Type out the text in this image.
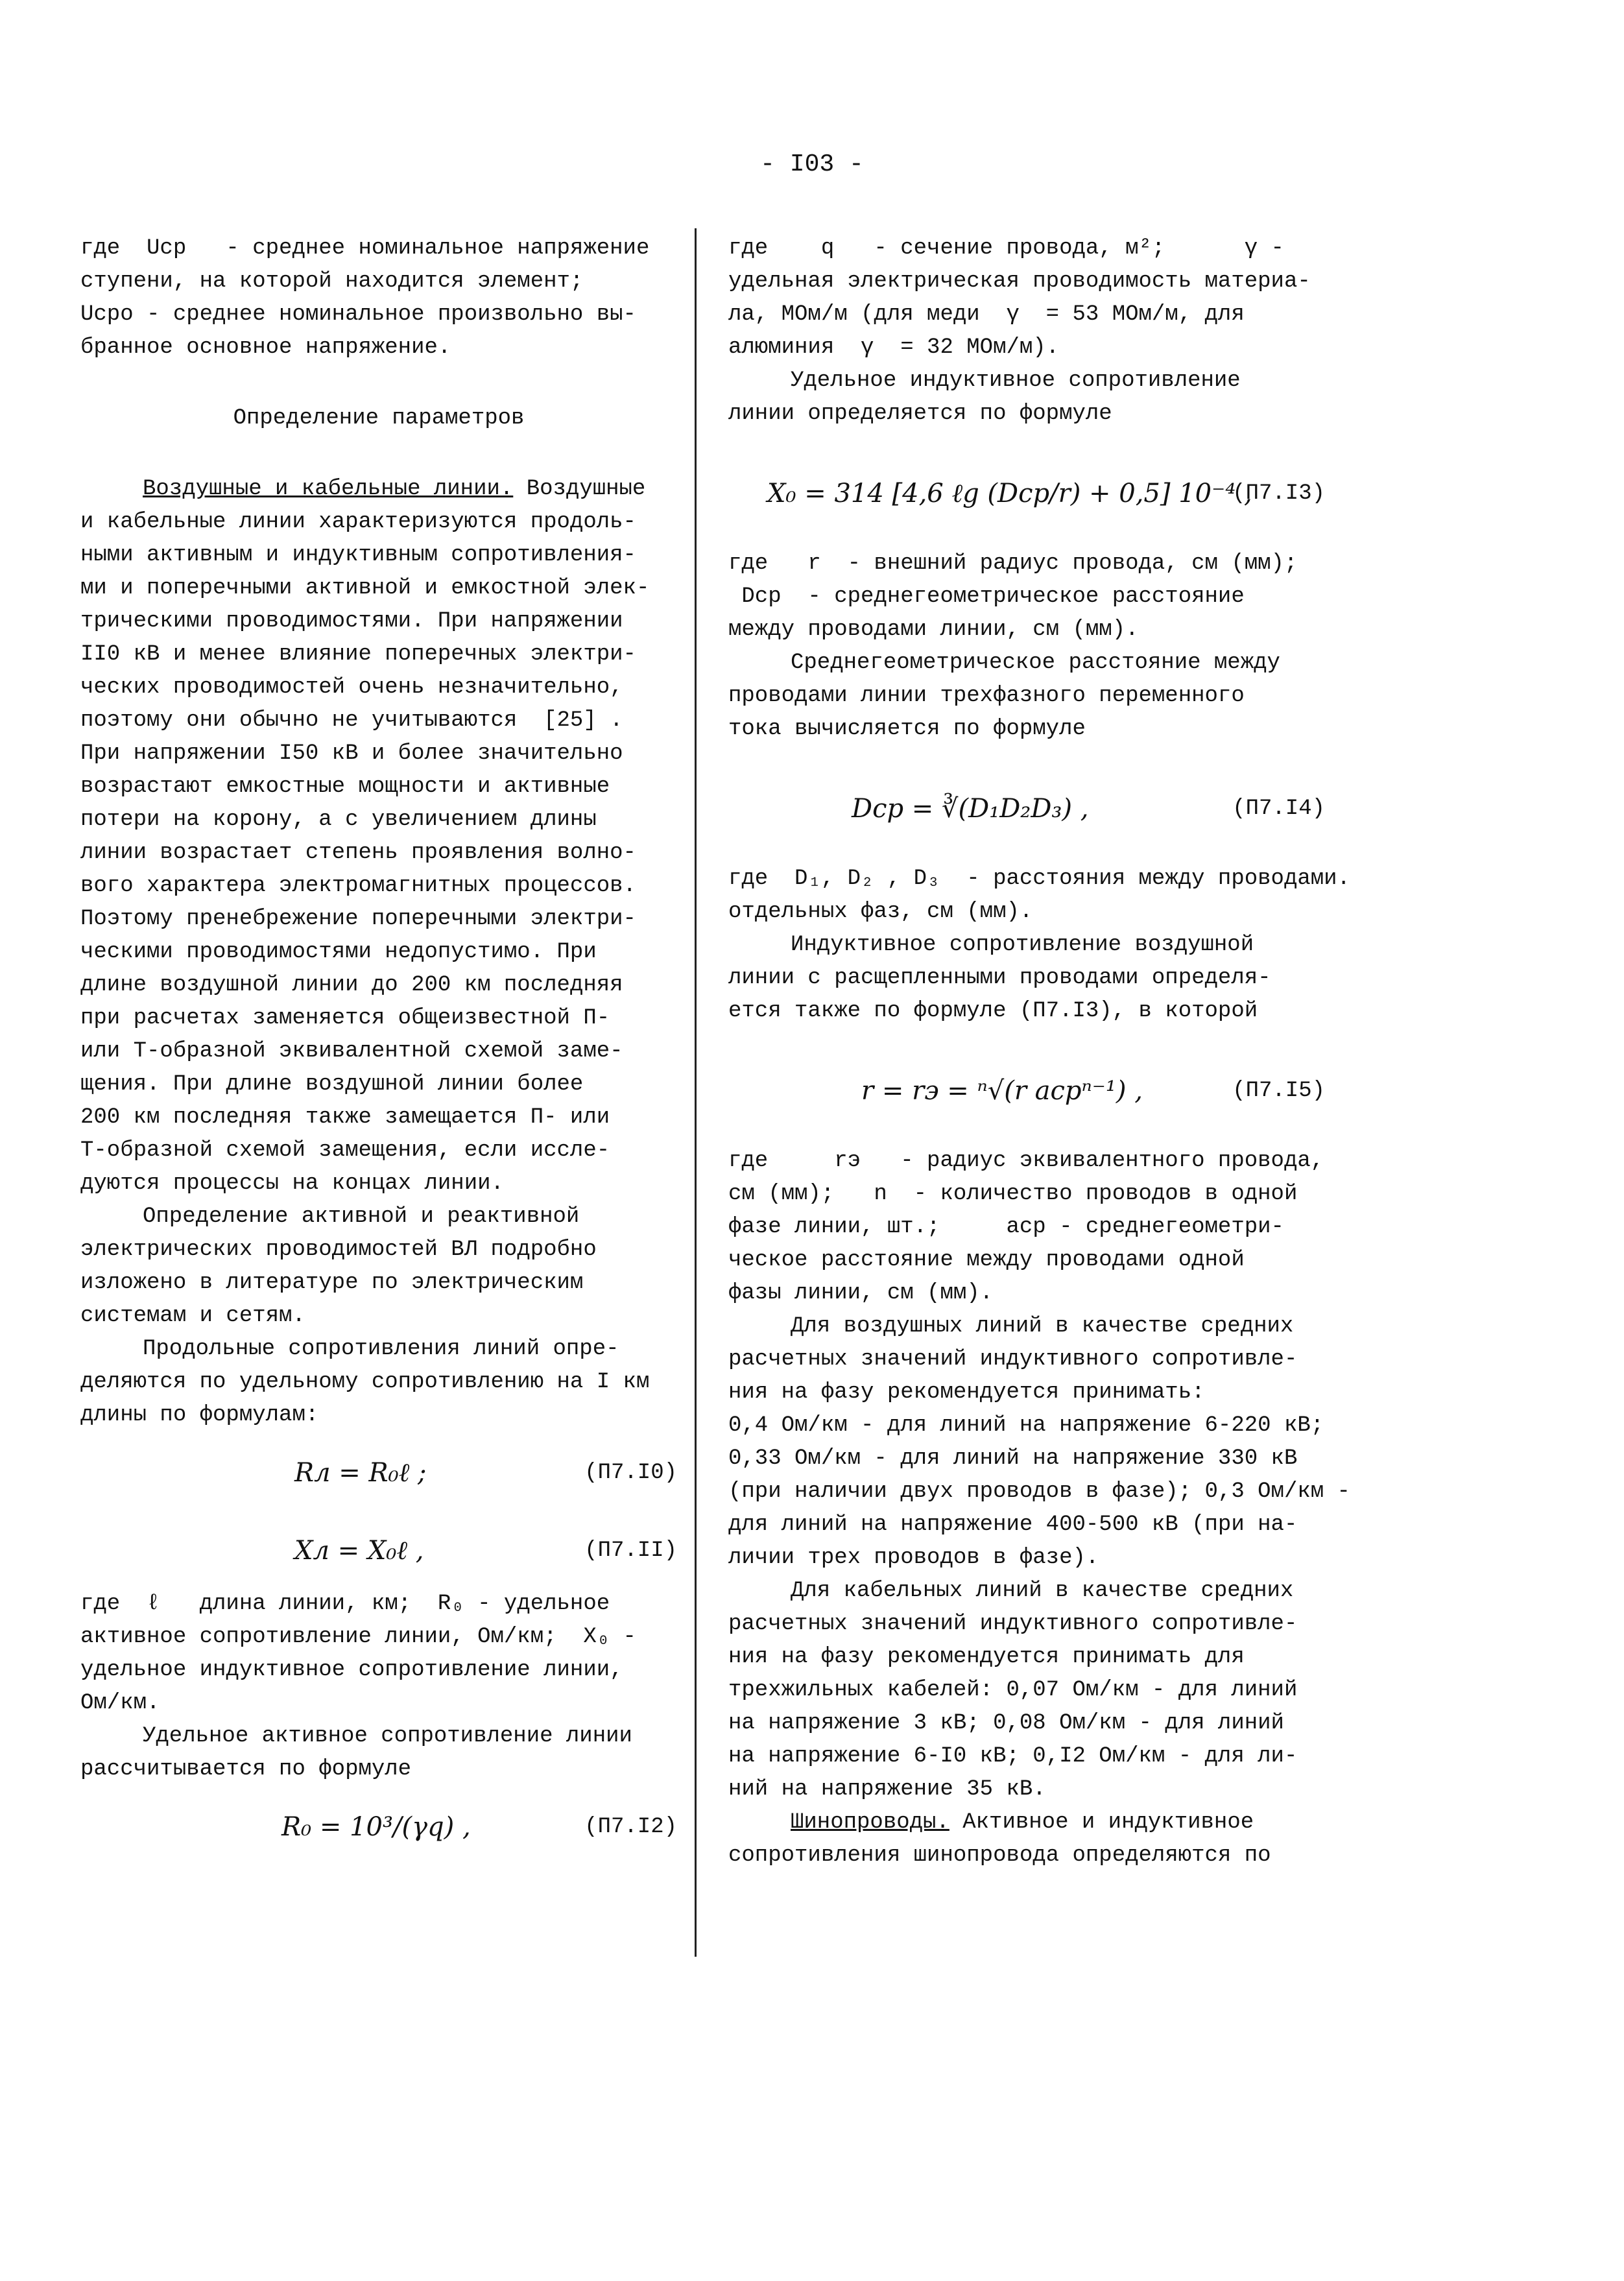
- I03 -

где  Uср   - среднее номинальное напряжение

ступени, на которой находится элемент;

Uсрo - среднее номинальное произвольно вы-

бранное основное напряжение.

Определение параметров

Воздушные и кабельные линии. Воздушные

и кабельные линии характеризуются продоль-

ными активным и индуктивным сопротивления-

ми и поперечными активной и емкостной элек-

трическими проводимостями. При напряжении

II0 кВ и менее влияние поперечных электри-

ческих проводимостей очень незначительно,

поэтому они обычно не учитываются  [25] .

При напряжении I50 кВ и более значительно

возрастают емкостные мощности и активные

потери на корону, а с увеличением длины

линии возрастает степень проявления волно-

вого характера электромагнитных процессов.

Поэтому пренебрежение поперечными электри-

ческими проводимостями недопустимо. При

длине воздушной линии до 200 км последняя

при расчетах заменяется общеизвестной П-

или Т-образной эквивалентной схемой заме-

щения. При длине воздушной линии более

200 км последняя также замещается П- или

Т-образной схемой замещения, если иссле-

дуются процессы на концах линии.

Определение активной и реактивной

электрических проводимостей ВЛ подробно

изложено в литературе по электрическим

системам и сетям.

Продольные сопротивления линий опре-

деляются по удельному сопротивлению на I км

длины по формулам:

Rл = R₀ℓ ;	(П7.I0)
Xл = X₀ℓ ,	(П7.II)

где  ℓ   длина линии, км;  R₀ - удельное

активное сопротивление линии, Ом/км;  X₀ -

удельное индуктивное сопротивление линии,

Ом/км.

Удельное активное сопротивление линии

рассчитывается по формуле

R₀ = 10³/(γq) ,	(П7.I2)

где    q   - сечение провода, м²;      γ -

удельная электрическая проводимость материа-

ла, МОм/м (для меди  γ  = 53 МОм/м, для

алюминия  γ  = 32 МОм/м).

Удельное индуктивное сопротивление

линии определяется по формуле

X₀ = 314 [4,6 ℓg (Dср/r) + 0,5] 10⁻⁴ ,
(П7.I3)

где   r  - внешний радиус провода, см (мм);

Dср  - среднегеометрическое расстояние

между проводами линии, см (мм).

Среднегеометрическое расстояние между

проводами линии трехфазного переменного

тока вычисляется по формуле

Dср = ∛(D₁D₂D₃) ,	(П7.I4)

где  D₁, D₂ , D₃  - расстояния между проводами.

отдельных фаз, см (мм).

Индуктивное сопротивление воздушной

линии с расщепленными проводами определя-

ется также по формуле (П7.I3), в которой

r = rэ = ⁿ√(r aсрⁿ⁻¹) ,	(П7.I5)

где     rэ   - радиус эквивалентного провода,

см (мм);   n  - количество проводов в одной

фазе линии, шт.;     aср - среднегеометри-

ческое расстояние между проводами одной

фазы линии, см (мм).

Для воздушных линий в качестве средних

расчетных значений индуктивного сопротивле-

ния на фазу рекомендуется принимать:

0,4 Ом/км - для линий на напряжение 6-220 кВ;

0,33 Ом/км - для линий на напряжение 330 кВ

(при наличии двух проводов в фазе); 0,3 Ом/км -

для линий на напряжение 400-500 кВ (при на-

личии трех проводов в фазе).

Для кабельных линий в качестве средних

расчетных значений индуктивного сопротивле-

ния на фазу рекомендуется принимать для

трехжильных кабелей: 0,07 Ом/км - для линий

на напряжение 3 кВ; 0,08 Ом/км - для линий

на напряжение 6-I0 кВ; 0,I2 Ом/км - для ли-

ний на напряжение 35 кВ.

Шинопроводы. Активное и индуктивное

сопротивления шинопровода определяются по
